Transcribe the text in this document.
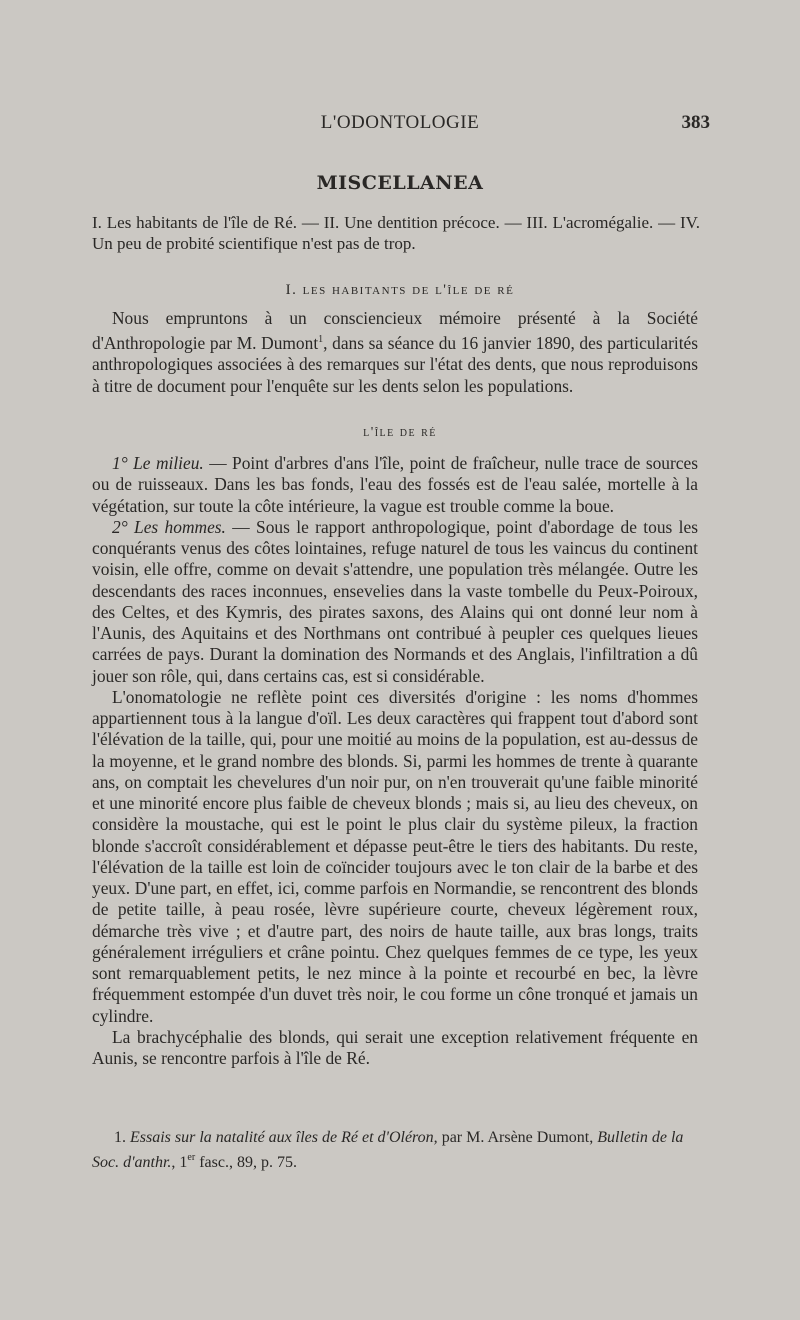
L'ODONTOLOGIE	383
MISCELLANEA
I. Les habitants de l'île de Ré. — II. Une dentition précoce. — III. L'acromégalie. — IV. Un peu de probité scientifique n'est pas de trop.
I. les habitants de l'île de ré

Nous empruntons à un consciencieux mémoire présenté à la Société d'Anthropologie par M. Dumont$^1$, dans sa séance du 16 janvier 1890, des particularités anthropologiques associées à des remarques sur l'état des dents, que nous reproduisons à titre de document pour l'enquête sur les dents selon les populations.

l'île de ré

1° Le milieu. — Point d'arbres d'ans l'île, point de fraîcheur, nulle trace de sources ou de ruisseaux. Dans les bas fonds, l'eau des fossés est de l'eau salée, mortelle à la végétation, sur toute la côte intérieure, la vague est trouble comme la boue.

2° Les hommes. — Sous le rapport anthropologique, point d'abordage de tous les conquérants venus des côtes lointaines, refuge naturel de tous les vaincus du continent voisin, elle offre, comme on devait s'attendre, une population très mélangée. Outre les descendants des races inconnues, ensevelies dans la vaste tombelle du Peux-Poiroux, des Celtes, et des Kymris, des pirates saxons, des Alains qui ont donné leur nom à l'Aunis, des Aquitains et des Northmans ont contribué à peupler ces quelques lieues carrées de pays. Durant la domination des Normands et des Anglais, l'infiltration a dû jouer son rôle, qui, dans certains cas, est si considérable.

L'onomatologie ne reflète point ces diversités d'origine : les noms d'hommes appartiennent tous à la langue d'oïl. Les deux caractères qui frappent tout d'abord sont l'élévation de la taille, qui, pour une moitié au moins de la population, est au-dessus de la moyenne, et le grand nombre des blonds. Si, parmi les hommes de trente à quarante ans, on comptait les chevelures d'un noir pur, on n'en trouverait qu'une faible minorité et une minorité encore plus faible de cheveux blonds ; mais si, au lieu des cheveux, on considère la moustache, qui est le point le plus clair du système pileux, la fraction blonde s'accroît considérablement et dépasse peut-être le tiers des habitants. Du reste, l'élévation de la taille est loin de coïncider toujours avec le ton clair de la barbe et des yeux. D'une part, en effet, ici, comme parfois en Normandie, se rencontrent des blonds de petite taille, à peau rosée, lèvre supérieure courte, cheveux légèrement roux, démarche très vive ; et d'autre part, des noirs de haute taille, aux bras longs, traits généralement irréguliers et crâne pointu. Chez quelques femmes de ce type, les yeux sont remarquablement petits, le nez mince à la pointe et recourbé en bec, la lèvre fréquemment estompée d'un duvet très noir, le cou forme un cône tronqué et jamais un cylindre.

La brachycéphalie des blonds, qui serait une exception relativement fréquente en Aunis, se rencontre parfois à l'île de Ré.

1. Essais sur la natalité aux îles de Ré et d'Oléron, par M. Arsène Dumont, Bulletin de la Soc. d'anthr., 1er fasc., 89, p. 75.
